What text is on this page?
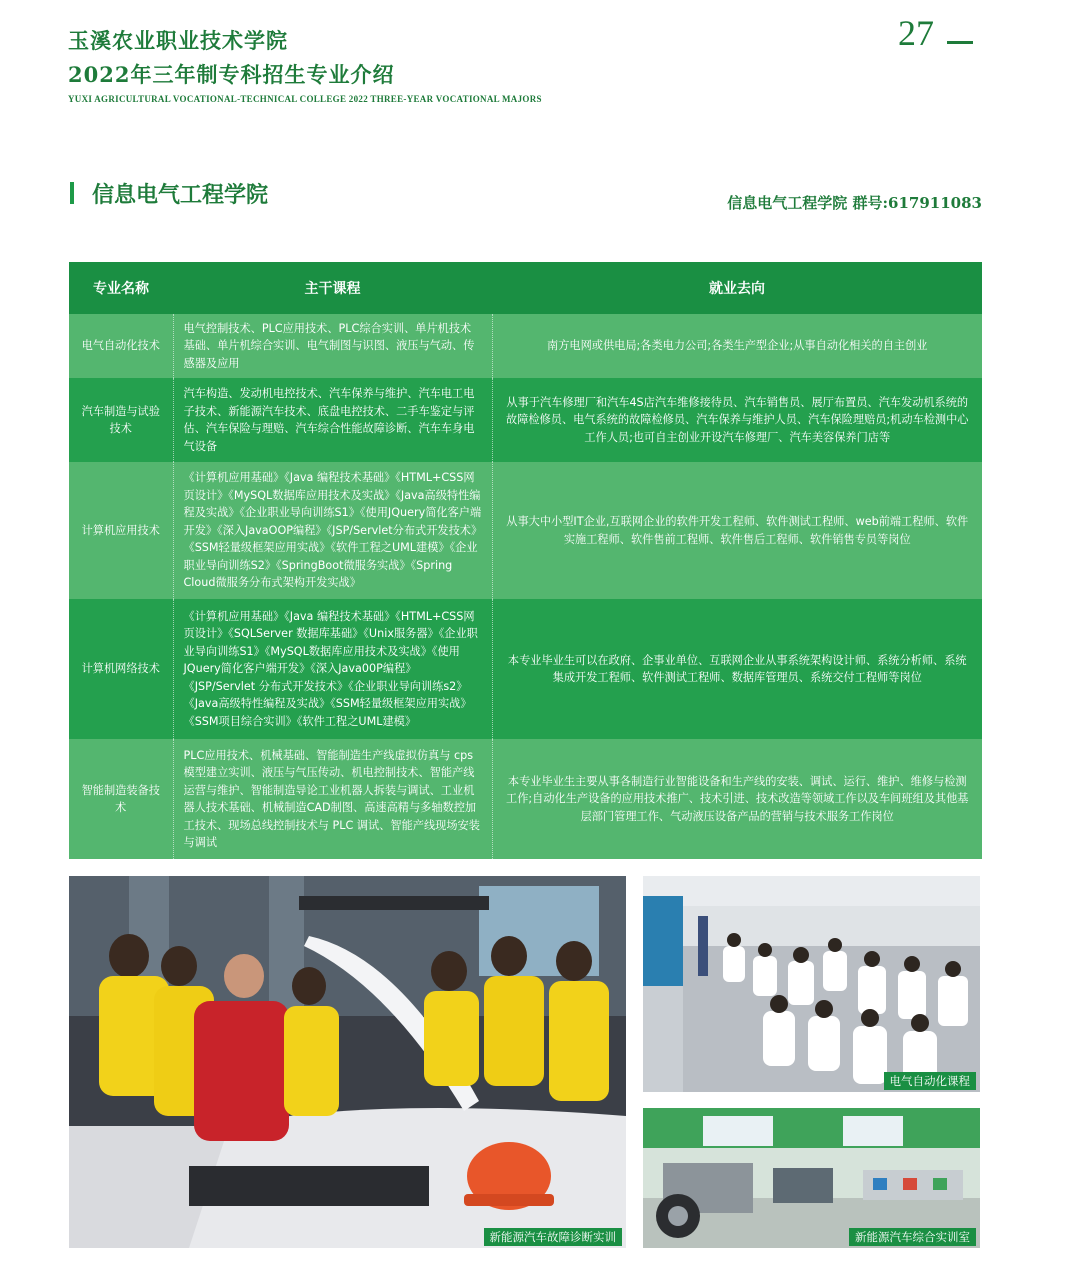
玉溪农业职业技术学院
2022年三年制专科招生专业介绍
YUXI AGRICULTURAL VOCATIONAL-TECHNICAL COLLEGE 2022 THREE-YEAR VOCATIONAL MAJORS
27
信息电气工程学院	信息电气工程学院 群号:617911083
专业名称	主干课程	就业去向
电气自动化技术	电气控制技术、PLC应用技术、PLC综合实训、单片机技术基础、单片机综合实训、电气制图与识图、液压与气动、传感器及应用	南方电网或供电局;各类电力公司;各类生产型企业;从事自动化相关的自主创业
汽车制造与试验技术	汽车构造、发动机电控技术、汽车保养与维护、汽车电工电子技术、新能源汽车技术、底盘电控技术、二手车鉴定与评估、汽车保险与理赔、汽车综合性能故障诊断、汽车车身电气设备	从事于汽车修理厂和汽车4S店汽车维修接待员、汽车销售员、展厅布置员、汽车发动机系统的故障检修员、电气系统的故障检修员、汽车保养与维护人员、汽车保险理赔员;机动车检测中心工作人员;也可自主创业开设汽车修理厂、汽车美容保养门店等
计算机应用技术	《计算机应用基础》《Java 编程技术基础》《HTML+CSS网页设计》《MySQL数据库应用技术及实战》《Java高级特性编程及实战》《企业职业导向训练S1》《使用JQuery简化客户端开发》《深入JavaOOP编程》《JSP/Servlet分布式开发技术》《SSM轻量级框架应用实战》《软件工程之UML建模》《企业职业导向训练S2》《SpringBoot微服务实战》《Spring Cloud微服务分布式架构开发实战》	从事大中小型IT企业,互联网企业的软件开发工程师、软件测试工程师、web前端工程师、软件实施工程师、软件售前工程师、软件售后工程师、软件销售专员等岗位
计算机网络技术	《计算机应用基础》《Java 编程技术基础》《HTML+CSS网页设计》《SQLServer 数据库基础》《Unix服务器》《企业职业导向训练S1》《MySQL数据库应用技术及实战》《使用JQuery简化客户端开发》《深入Java00P编程》《JSP/Servlet 分布式开发技术》《企业职业导向训练s2》《Java高级特性编程及实战》《SSM轻量级框架应用实战》《SSM项目综合实训》《软件工程之UML建模》	本专业毕业生可以在政府、企事业单位、互联网企业从事系统架构设计师、系统分析师、系统集成开发工程师、软件测试工程师、数据库管理员、系统交付工程师等岗位
智能制造装备技术	PLC应用技术、机械基础、智能制造生产线虚拟仿真与 cps 模型建立实训、液压与气压传动、机电控制技术、智能产线运营与维护、智能制造导论工业机器人拆装与调试、工业机器人技术基础、机械制造CAD制图、高速高精与多轴数控加工技术、现场总线控制技术与 PLC 调试、智能产线现场安装与调试	本专业毕业生主要从事各制造行业智能设备和生产线的安装、调试、运行、维护、维修与检测工作;自动化生产设备的应用技术推广、技术引进、技术改造等领域工作以及车间班组及其他基层部门管理工作、气动液压设备产品的营销与技术服务工作岗位
新能源汽车故障诊断实训
电气自动化课程
新能源汽车综合实训室
